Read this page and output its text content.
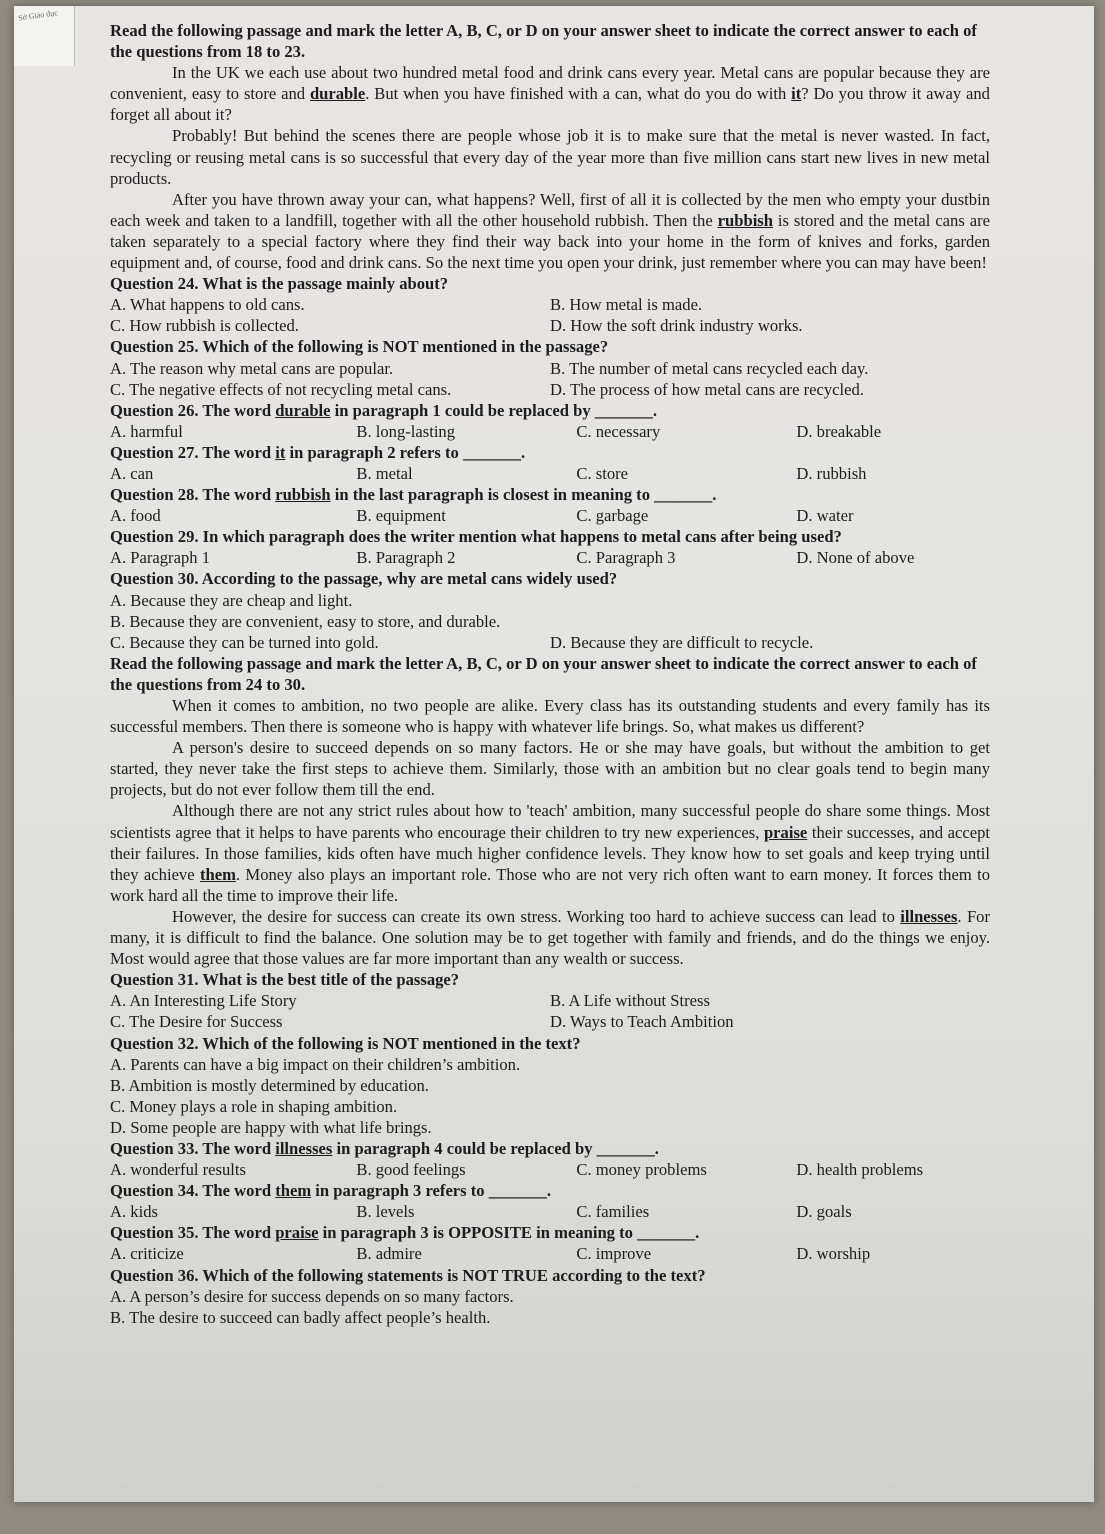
Sở Giáo dục

Read the following passage and mark the letter A, B, C, or D on your answer sheet to indicate the correct answer to each of the questions from 18 to 23.

In the UK we each use about two hundred metal food and drink cans every year. Metal cans are popular because they are convenient, easy to store and durable. But when you have finished with a can, what do you do with it? Do you throw it away and forget all about it?

Probably! But behind the scenes there are people whose job it is to make sure that the metal is never wasted. In fact, recycling or reusing metal cans is so successful that every day of the year more than five million cans start new lives in new metal products.

After you have thrown away your can, what happens? Well, first of all it is collected by the men who empty your dustbin each week and taken to a landfill, together with all the other household rubbish. Then the rubbish is stored and the metal cans are taken separately to a special factory where they find their way back into your home in the form of knives and forks, garden equipment and, of course, food and drink cans. So the next time you open your drink, just remember where you can may have been!

Question 24. What is the passage mainly about?

A. What happens to old cans.	B. How metal is made.
C. How rubbish is collected.	D. How the soft drink industry works.

Question 25. Which of the following is NOT mentioned in the passage?

A. The reason why metal cans are popular.	B. The number of metal cans recycled each day.
C. The negative effects of not recycling metal cans.	D. The process of how metal cans are recycled.

Question 26. The word durable in paragraph 1 could be replaced by _______.

A. harmful	B. long-lasting	C. necessary	D. breakable

Question 27. The word it in paragraph 2 refers to _______.

A. can	B. metal	C. store	D. rubbish

Question 28. The word rubbish in the last paragraph is closest in meaning to _______.

A. food	B. equipment	C. garbage	D. water

Question 29. In which paragraph does the writer mention what happens to metal cans after being used?

A. Paragraph 1	B. Paragraph 2	C. Paragraph 3	D. None of above

Question 30. According to the passage, why are metal cans widely used?

A. Because they are cheap and light.

B. Because they are convenient, easy to store, and durable.

C. Because they can be turned into gold.	D. Because they are difficult to recycle.

Read the following passage and mark the letter A, B, C, or D on your answer sheet to indicate the correct answer to each of the questions from 24 to 30.

When it comes to ambition, no two people are alike. Every class has its outstanding students and every family has its successful members. Then there is someone who is happy with whatever life brings. So, what makes us different?

A person's desire to succeed depends on so many factors. He or she may have goals, but without the ambition to get started, they never take the first steps to achieve them. Similarly, those with an ambition but no clear goals tend to begin many projects, but do not ever follow them till the end.

Although there are not any strict rules about how to 'teach' ambition, many successful people do share some things. Most scientists agree that it helps to have parents who encourage their children to try new experiences, praise their successes, and accept their failures. In those families, kids often have much higher confidence levels. They know how to set goals and keep trying until they achieve them. Money also plays an important role. Those who are not very rich often want to earn money. It forces them to work hard all the time to improve their life.

However, the desire for success can create its own stress. Working too hard to achieve success can lead to illnesses. For many, it is difficult to find the balance. One solution may be to get together with family and friends, and do the things we enjoy. Most would agree that those values are far more important than any wealth or success.

Question 31. What is the best title of the passage?

A. An Interesting Life Story	B. A Life without Stress
C. The Desire for Success	D. Ways to Teach Ambition

Question 32. Which of the following is NOT mentioned in the text?

A. Parents can have a big impact on their children’s ambition.

B. Ambition is mostly determined by education.

C. Money plays a role in shaping ambition.

D. Some people are happy with what life brings.

Question 33. The word illnesses in paragraph 4 could be replaced by _______.

A. wonderful results	B. good feelings	C. money problems	D. health problems

Question 34. The word them in paragraph 3 refers to _______.

A. kids	B. levels	C. families	D. goals

Question 35. The word praise in paragraph 3 is OPPOSITE in meaning to _______.

A. criticize	B. admire	C. improve	D. worship

Question 36. Which of the following statements is NOT TRUE according to the text?

A. A person’s desire for success depends on so many factors.

B. The desire to succeed can badly affect people’s health.
